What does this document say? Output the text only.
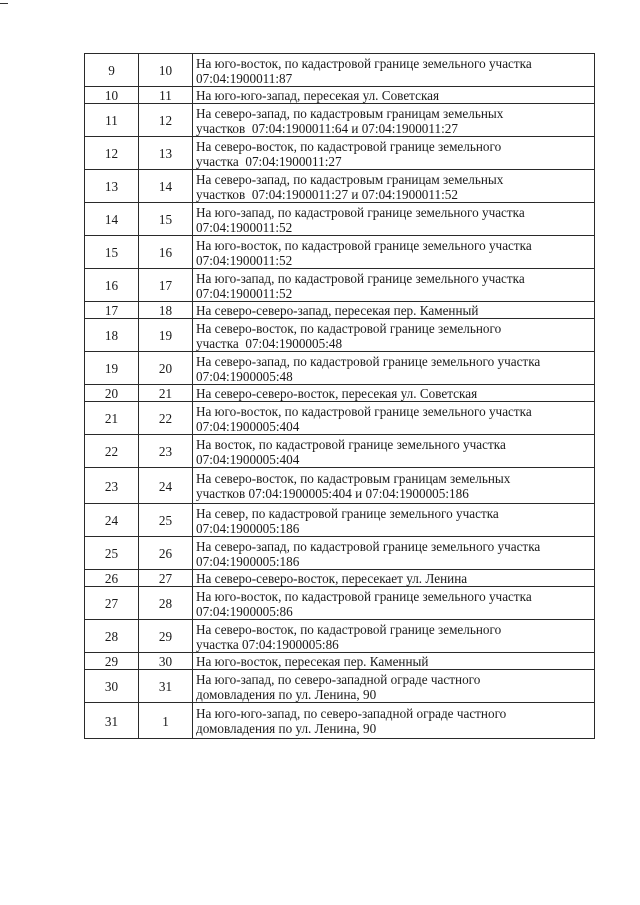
9	10	На юго-восток, по кадастровой границе земельного участка
07:04:1900011:87

10	11	На юго-юго-запад, пересекая ул. Советская

11	12	На северо-запад, по кадастровым границам земельных
участков  07:04:1900011:64 и 07:04:1900011:27

12	13	На северо-восток, по кадастровой границе земельного
участка  07:04:1900011:27

13	14	На северо-запад, по кадастровым границам земельных
участков  07:04:1900011:27 и 07:04:1900011:52

14	15	На юго-запад, по кадастровой границе земельного участка
07:04:1900011:52

15	16	На юго-восток, по кадастровой границе земельного участка
07:04:1900011:52

16	17	На юго-запад, по кадастровой границе земельного участка
07:04:1900011:52

17	18	На северо-северо-запад, пересекая пер. Каменный

18	19	На северо-восток, по кадастровой границе земельного
участка  07:04:1900005:48

19	20	На северо-запад, по кадастровой границе земельного участка
07:04:1900005:48

20	21	На северо-северо-восток, пересекая ул. Советская

21	22	На юго-восток, по кадастровой границе земельного участка
07:04:1900005:404

22	23	На восток, по кадастровой границе земельного участка
07:04:1900005:404

23	24	На северо-восток, по кадастровым границам земельных
участков 07:04:1900005:404 и 07:04:1900005:186

24	25	На север, по кадастровой границе земельного участка
07:04:1900005:186

25	26	На северо-запад, по кадастровой границе земельного участка
07:04:1900005:186

26	27	На северо-северо-восток, пересекает ул. Ленина

27	28	На юго-восток, по кадастровой границе земельного участка
07:04:1900005:86

28	29	На северо-восток, по кадастровой границе земельного
участка 07:04:1900005:86

29	30	На юго-восток, пересекая пер. Каменный

30	31	На юго-запад, по северо-западной ограде частного
домовладения по ул. Ленина, 90

31	1	На юго-юго-запад, по северо-западной ограде частного
домовладения по ул. Ленина, 90
